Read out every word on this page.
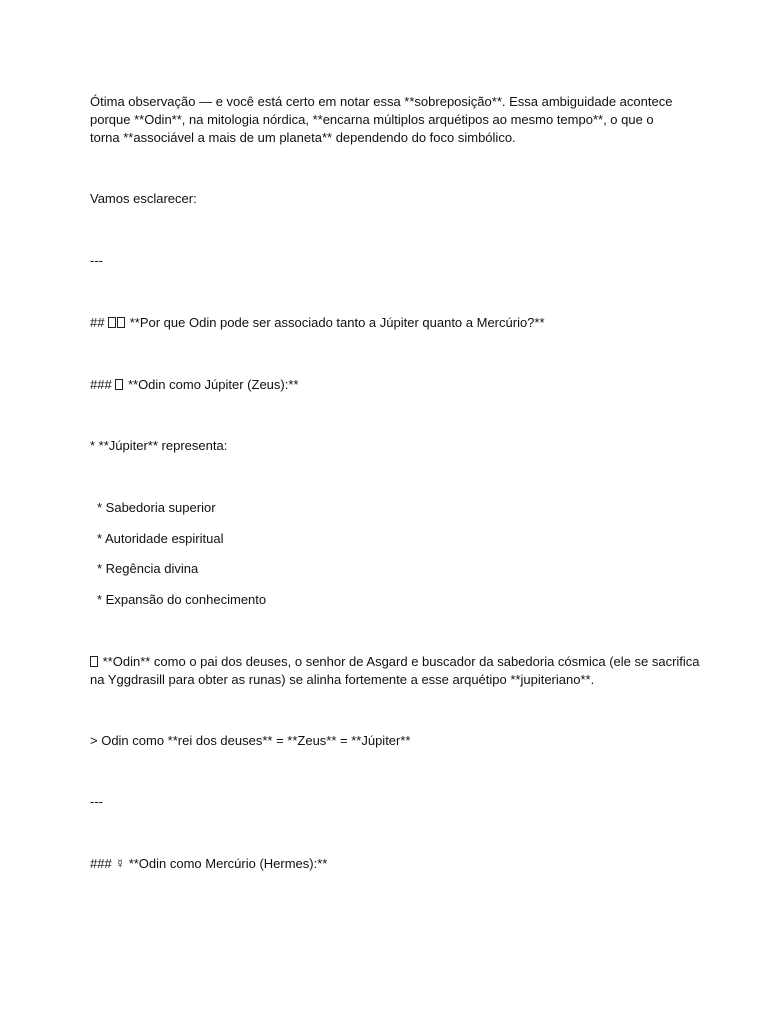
Ótima observação — e você está certo em notar essa **sobreposição**. Essa ambiguidade acontece
porque **Odin**, na mitologia nórdica, **encarna múltiplos arquétipos ao mesmo tempo**, o que o
torna **associável a mais de um planeta** dependendo do foco simbólico.
Vamos esclarecer:
---
## **Por que Odin pode ser associado tanto a Júpiter quanto a Mercúrio?**
### **Odin como Júpiter (Zeus):**
* **Júpiter** representa:
* Sabedoria superior
* Autoridade espiritual
* Regência divina
* Expansão do conhecimento
**Odin** como o pai dos deuses, o senhor de Asgard e buscador da sabedoria cósmica (ele se sacrifica
na Yggdrasill para obter as runas) se alinha fortemente a esse arquétipo **jupiteriano**.
> Odin como **rei dos deuses** = **Zeus** = **Júpiter**
---
### ☿ **Odin como Mercúrio (Hermes):**
